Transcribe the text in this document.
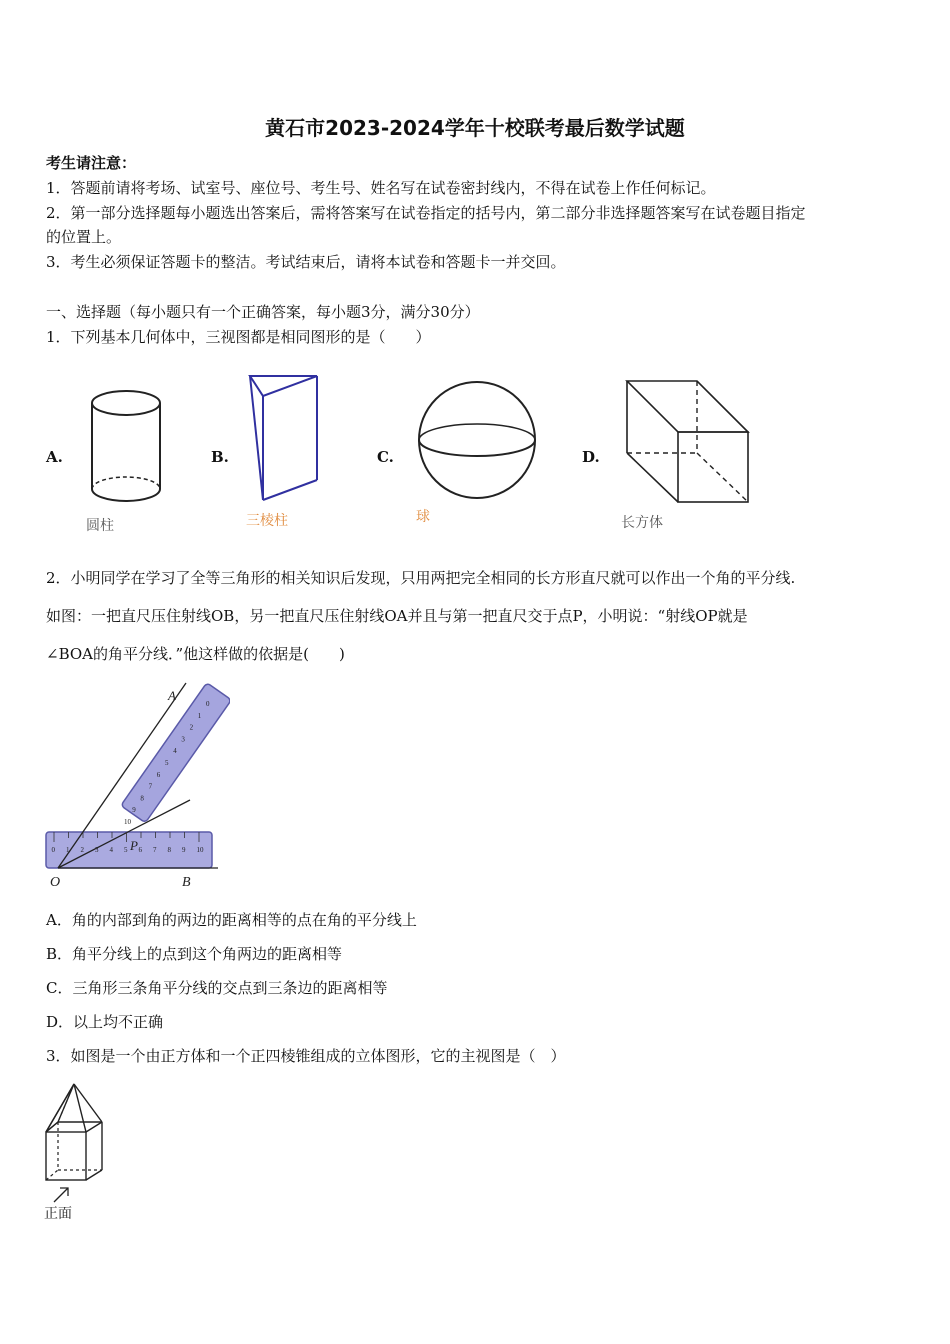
黄石市2023-2024学年十校联考最后数学试题
考生请注意：
1．答题前请将考场、试室号、座位号、考生号、姓名写在试卷密封线内，不得在试卷上作任何标记。
2．第一部分选择题每小题选出答案后，需将答案写在试卷指定的括号内，第二部分非选择题答案写在试卷题目指定
的位置上。
3．考生必须保证答题卡的整洁。考试结束后，请将本试卷和答题卡一并交回。
一、选择题（每小题只有一个正确答案，每小题3分，满分30分）
1．下列基本几何体中，三视图都是相同图形的是（　　）
A.
圆柱
B.
三棱柱
C.
球
D.
长方体
2．小明同学在学习了全等三角形的相关知识后发现，只用两把完全相同的长方形直尺就可以作出一个角的平分线.
如图：一把直尺压住射线OB，另一把直尺压住射线OA并且与第一把直尺交于点P，小明说：“射线OP就是
∠BOA的角平分线．”他这样做的依据是(　　)
0 1 2 3 4 5 6 7 8 9 10
0
1
2
3
4
5
6
7
8
9
10
A
O	B
P
A．角的内部到角的两边的距离相等的点在角的平分线上
B．角平分线上的点到这个角两边的距离相等
C．三角形三条角平分线的交点到三条边的距离相等
D．以上均不正确
3．如图是一个由正方体和一个正四棱锥组成的立体图形，它的主视图是（　）
正面
